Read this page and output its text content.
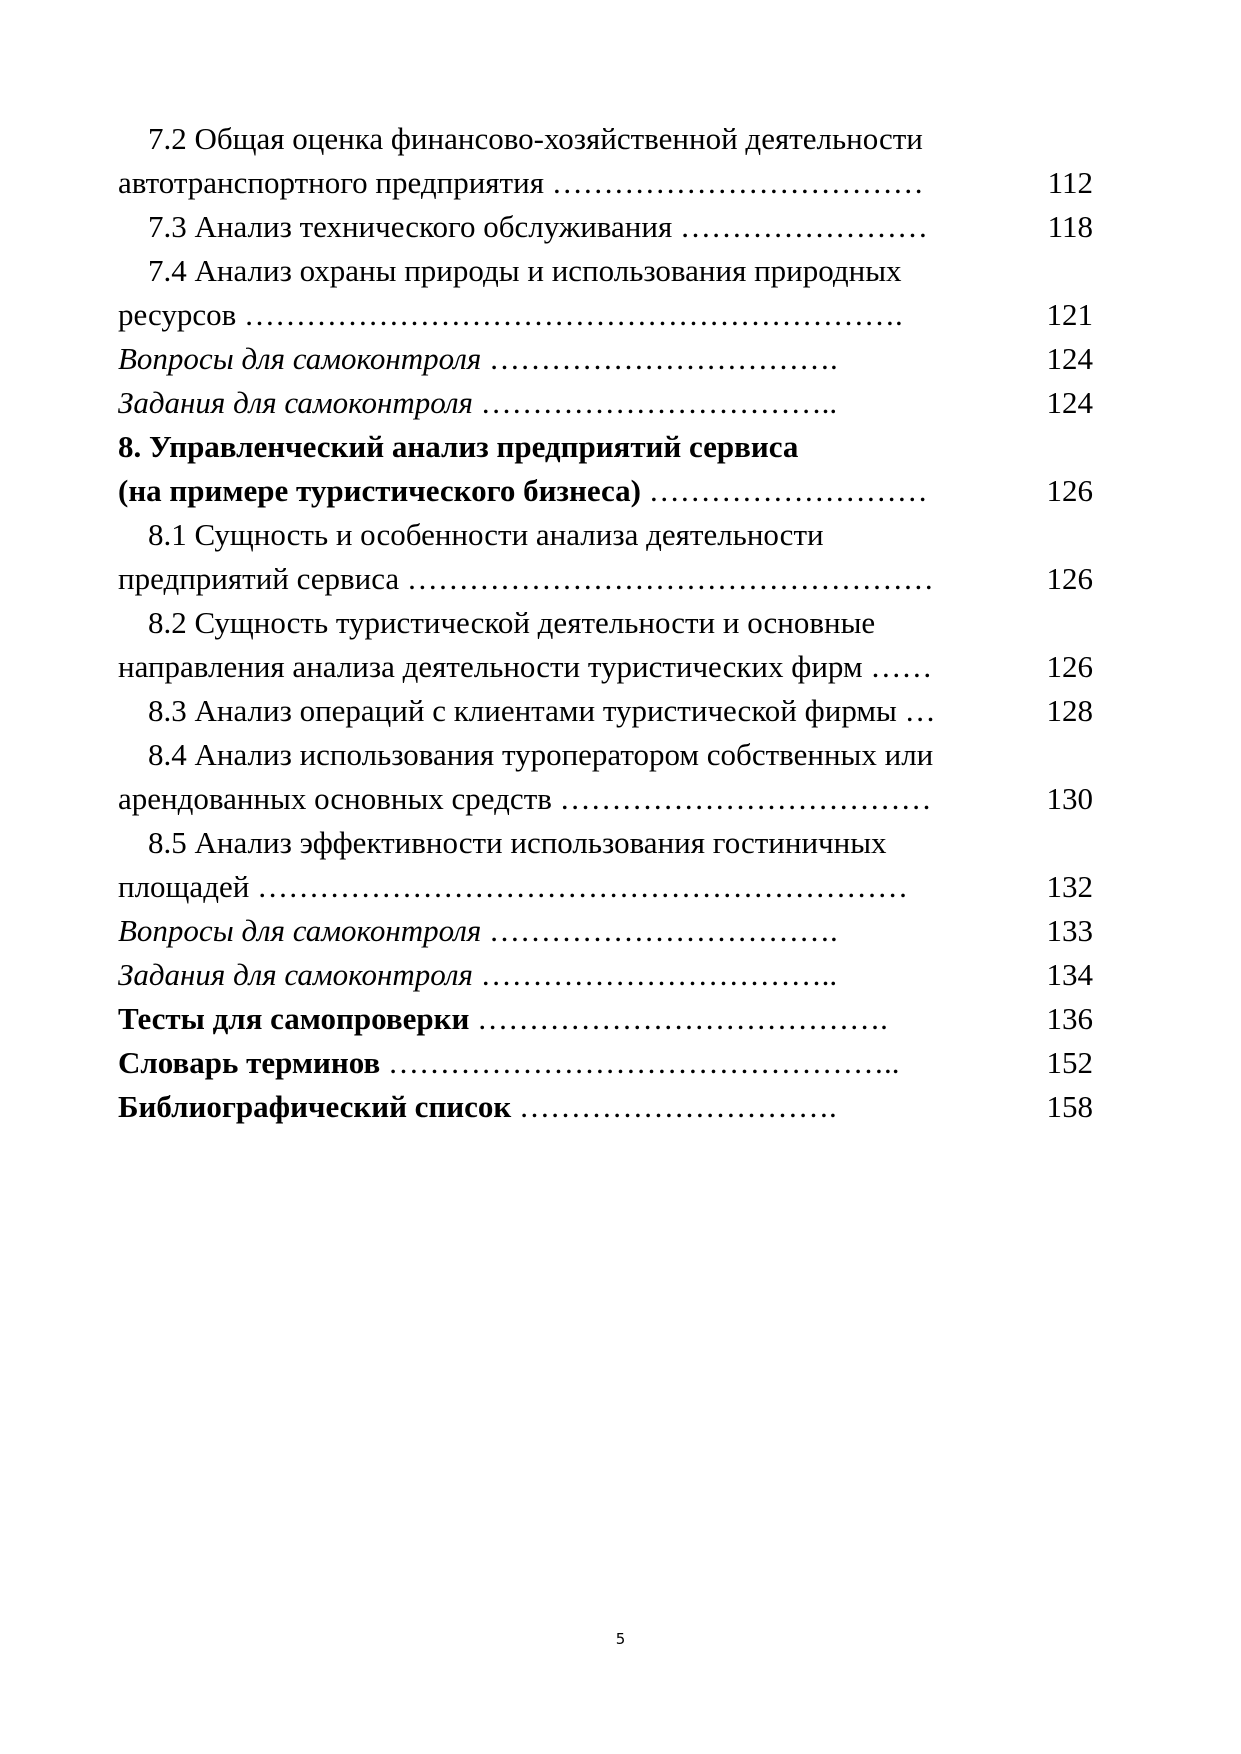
7.2 Общая оценка финансово-хозяйственной деятельности
автотранспортного предприятия ………………………………	112
7.3 Анализ технического обслуживания ……………………	118
7.4 Анализ охраны природы и использования природных
ресурсов ……………………………………………………….	121
Вопросы для самоконтроля …………………………….	124
Задания для самоконтроля ……………………………..	124
8. Управленческий анализ предприятий сервиса
(на примере туристического бизнеса) ………………………	126
8.1 Сущность и особенности анализа деятельности
предприятий сервиса ……………………………………………	126
8.2 Сущность туристической деятельности и основные
направления анализа деятельности туристических фирм ……	126
8.3 Анализ операций с клиентами туристической фирмы …	128
8.4 Анализ использования туроператором собственных или
арендованных основных средств ………………………………	130
8.5 Анализ эффективности использования гостиничных
площадей ………………………………………………………	132
Вопросы для самоконтроля …………………………….	133
Задания для самоконтроля ……………………………..	134
Тесты для самопроверки ………………………………….	136
Словарь терминов …………………………………………..	152
Библиографический список ………………………….	158
5
